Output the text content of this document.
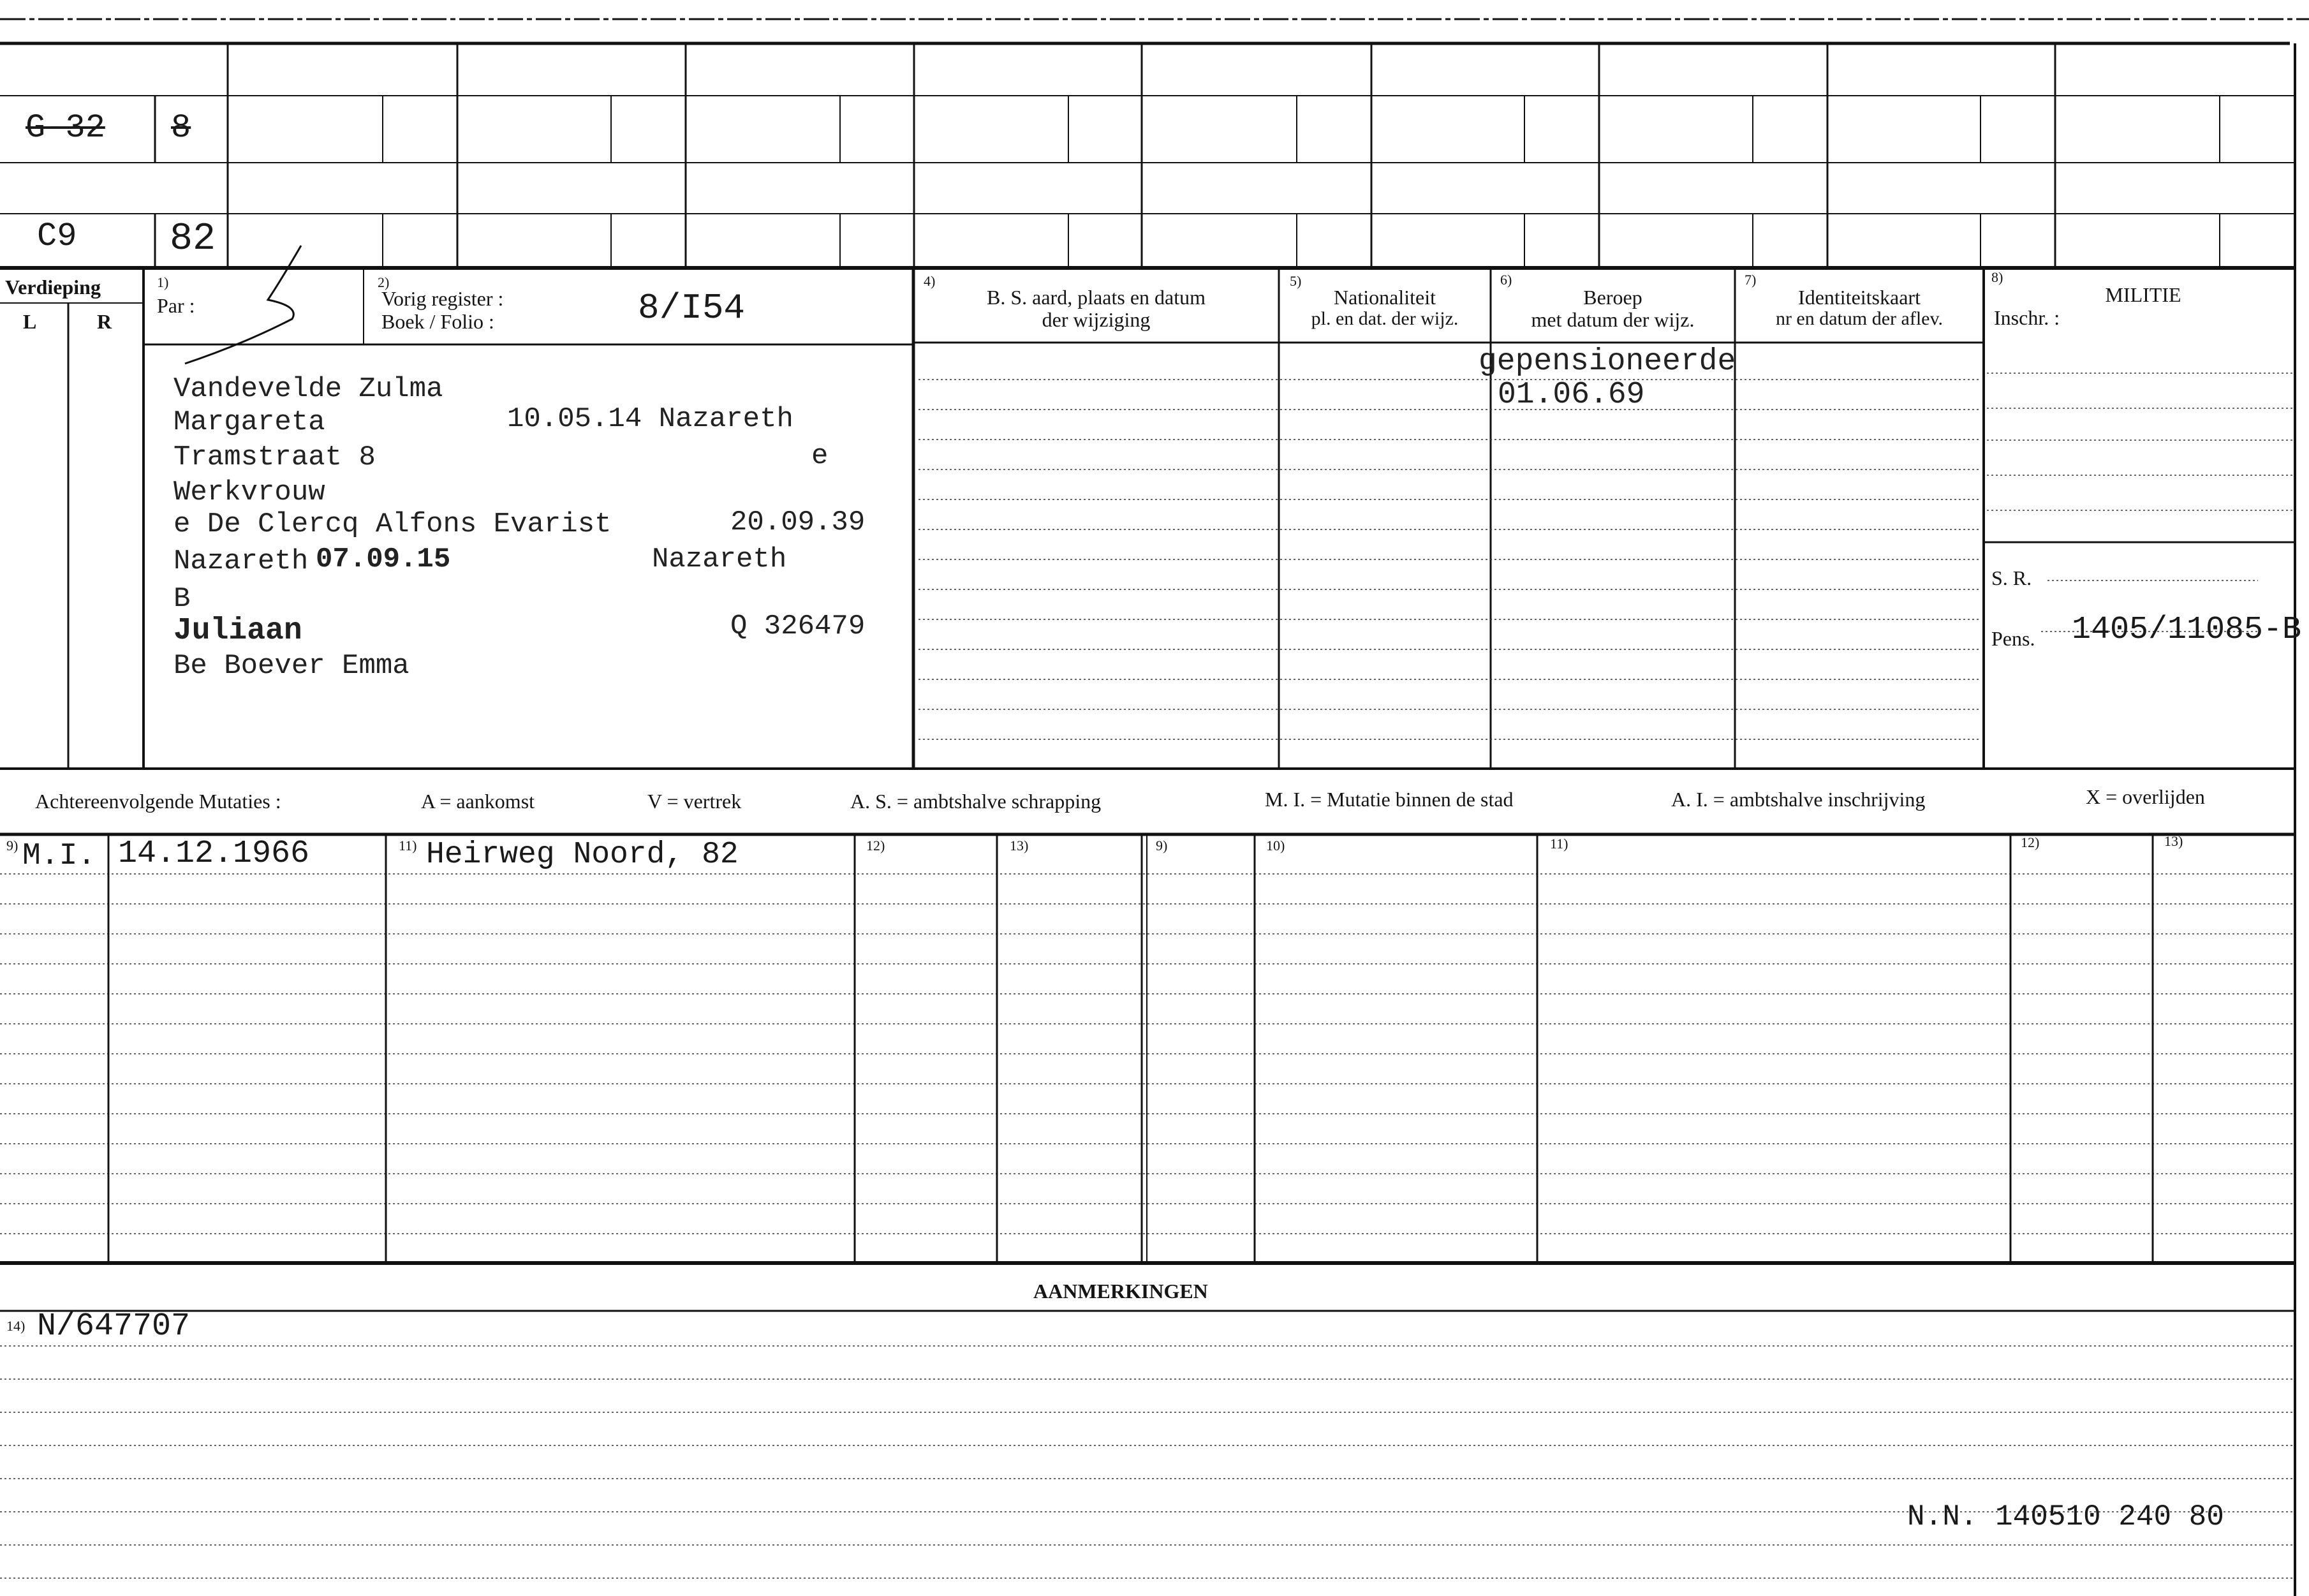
G-32 8
C9 82
Verdieping
L	R
1)
Par :
2)
Vorig register :
Boek / Folio :	8/I54
4)
B. S. aard, plaats en datum
der wijziging
5)
Nationaliteit
pl. en dat. der wijz.
6)
Beroep
met datum der wijz.
7)
Identiteitskaart
nr en datum der aflev.
8)
MILITIE
Inschr. :
S. R.
Pens. 1405/11085-B
Vandevelde Zulma
Margareta	10.05.14 Nazareth
Tramstraat 8	e
Werkvrouw
e De Clercq Alfons Evarist	20.09.39
Nazareth 07.09.15	Nazareth
B
Juliaan	Q 326479
Be Boever Emma
gepensioneerde
01.06.69
Achtereenvolgende Mutaties :	A = aankomst	V = vertrek	A. S. = ambtshalve schrapping	M. I. = Mutatie binnen de stad	A. I. = ambtshalve inschrijving	X = overlijden
9)	11)	12)	13)	9)	10)	11)	12)	13)
M.I. 14.12.1966	Heirweg Noord, 82
AANMERKINGEN
14) N/647707
N.N. 140510 240 80
